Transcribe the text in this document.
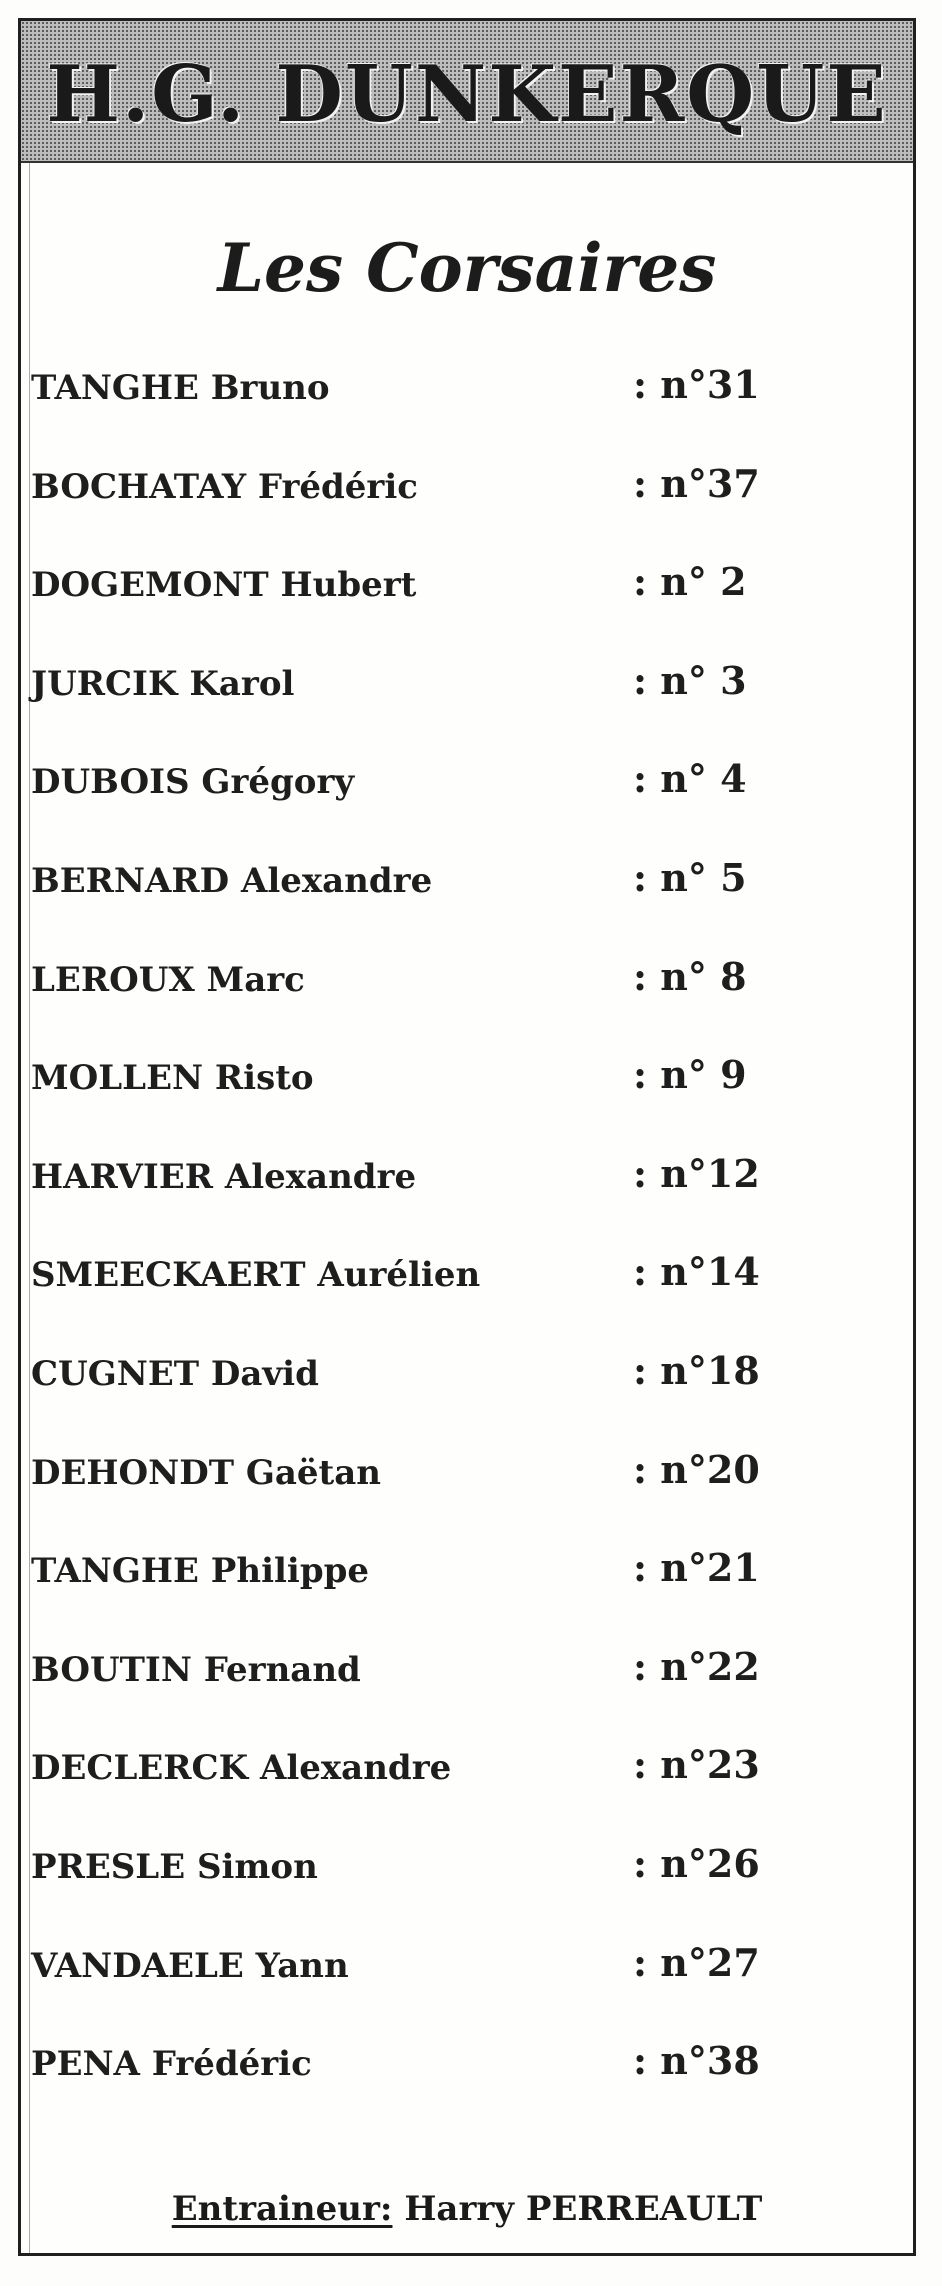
H.G. DUNKERQUE
Les Corsaires
TANGHE Bruno	: n°31
BOCHATAY Frédéric	: n°37
DOGEMONT Hubert	: n° 2
JURCIK Karol	: n° 3
DUBOIS Grégory	: n° 4
BERNARD Alexandre	: n° 5
LEROUX Marc	: n° 8
MOLLEN Risto	: n° 9
HARVIER Alexandre	: n°12
SMEECKAERT Aurélien	: n°14
CUGNET David	: n°18
DEHONDT Gaëtan	: n°20
TANGHE Philippe	: n°21
BOUTIN Fernand	: n°22
DECLERCK Alexandre	: n°23
PRESLE Simon	: n°26
VANDAELE Yann	: n°27
PENA Frédéric	: n°38
Entraineur: Harry PERREAULT
